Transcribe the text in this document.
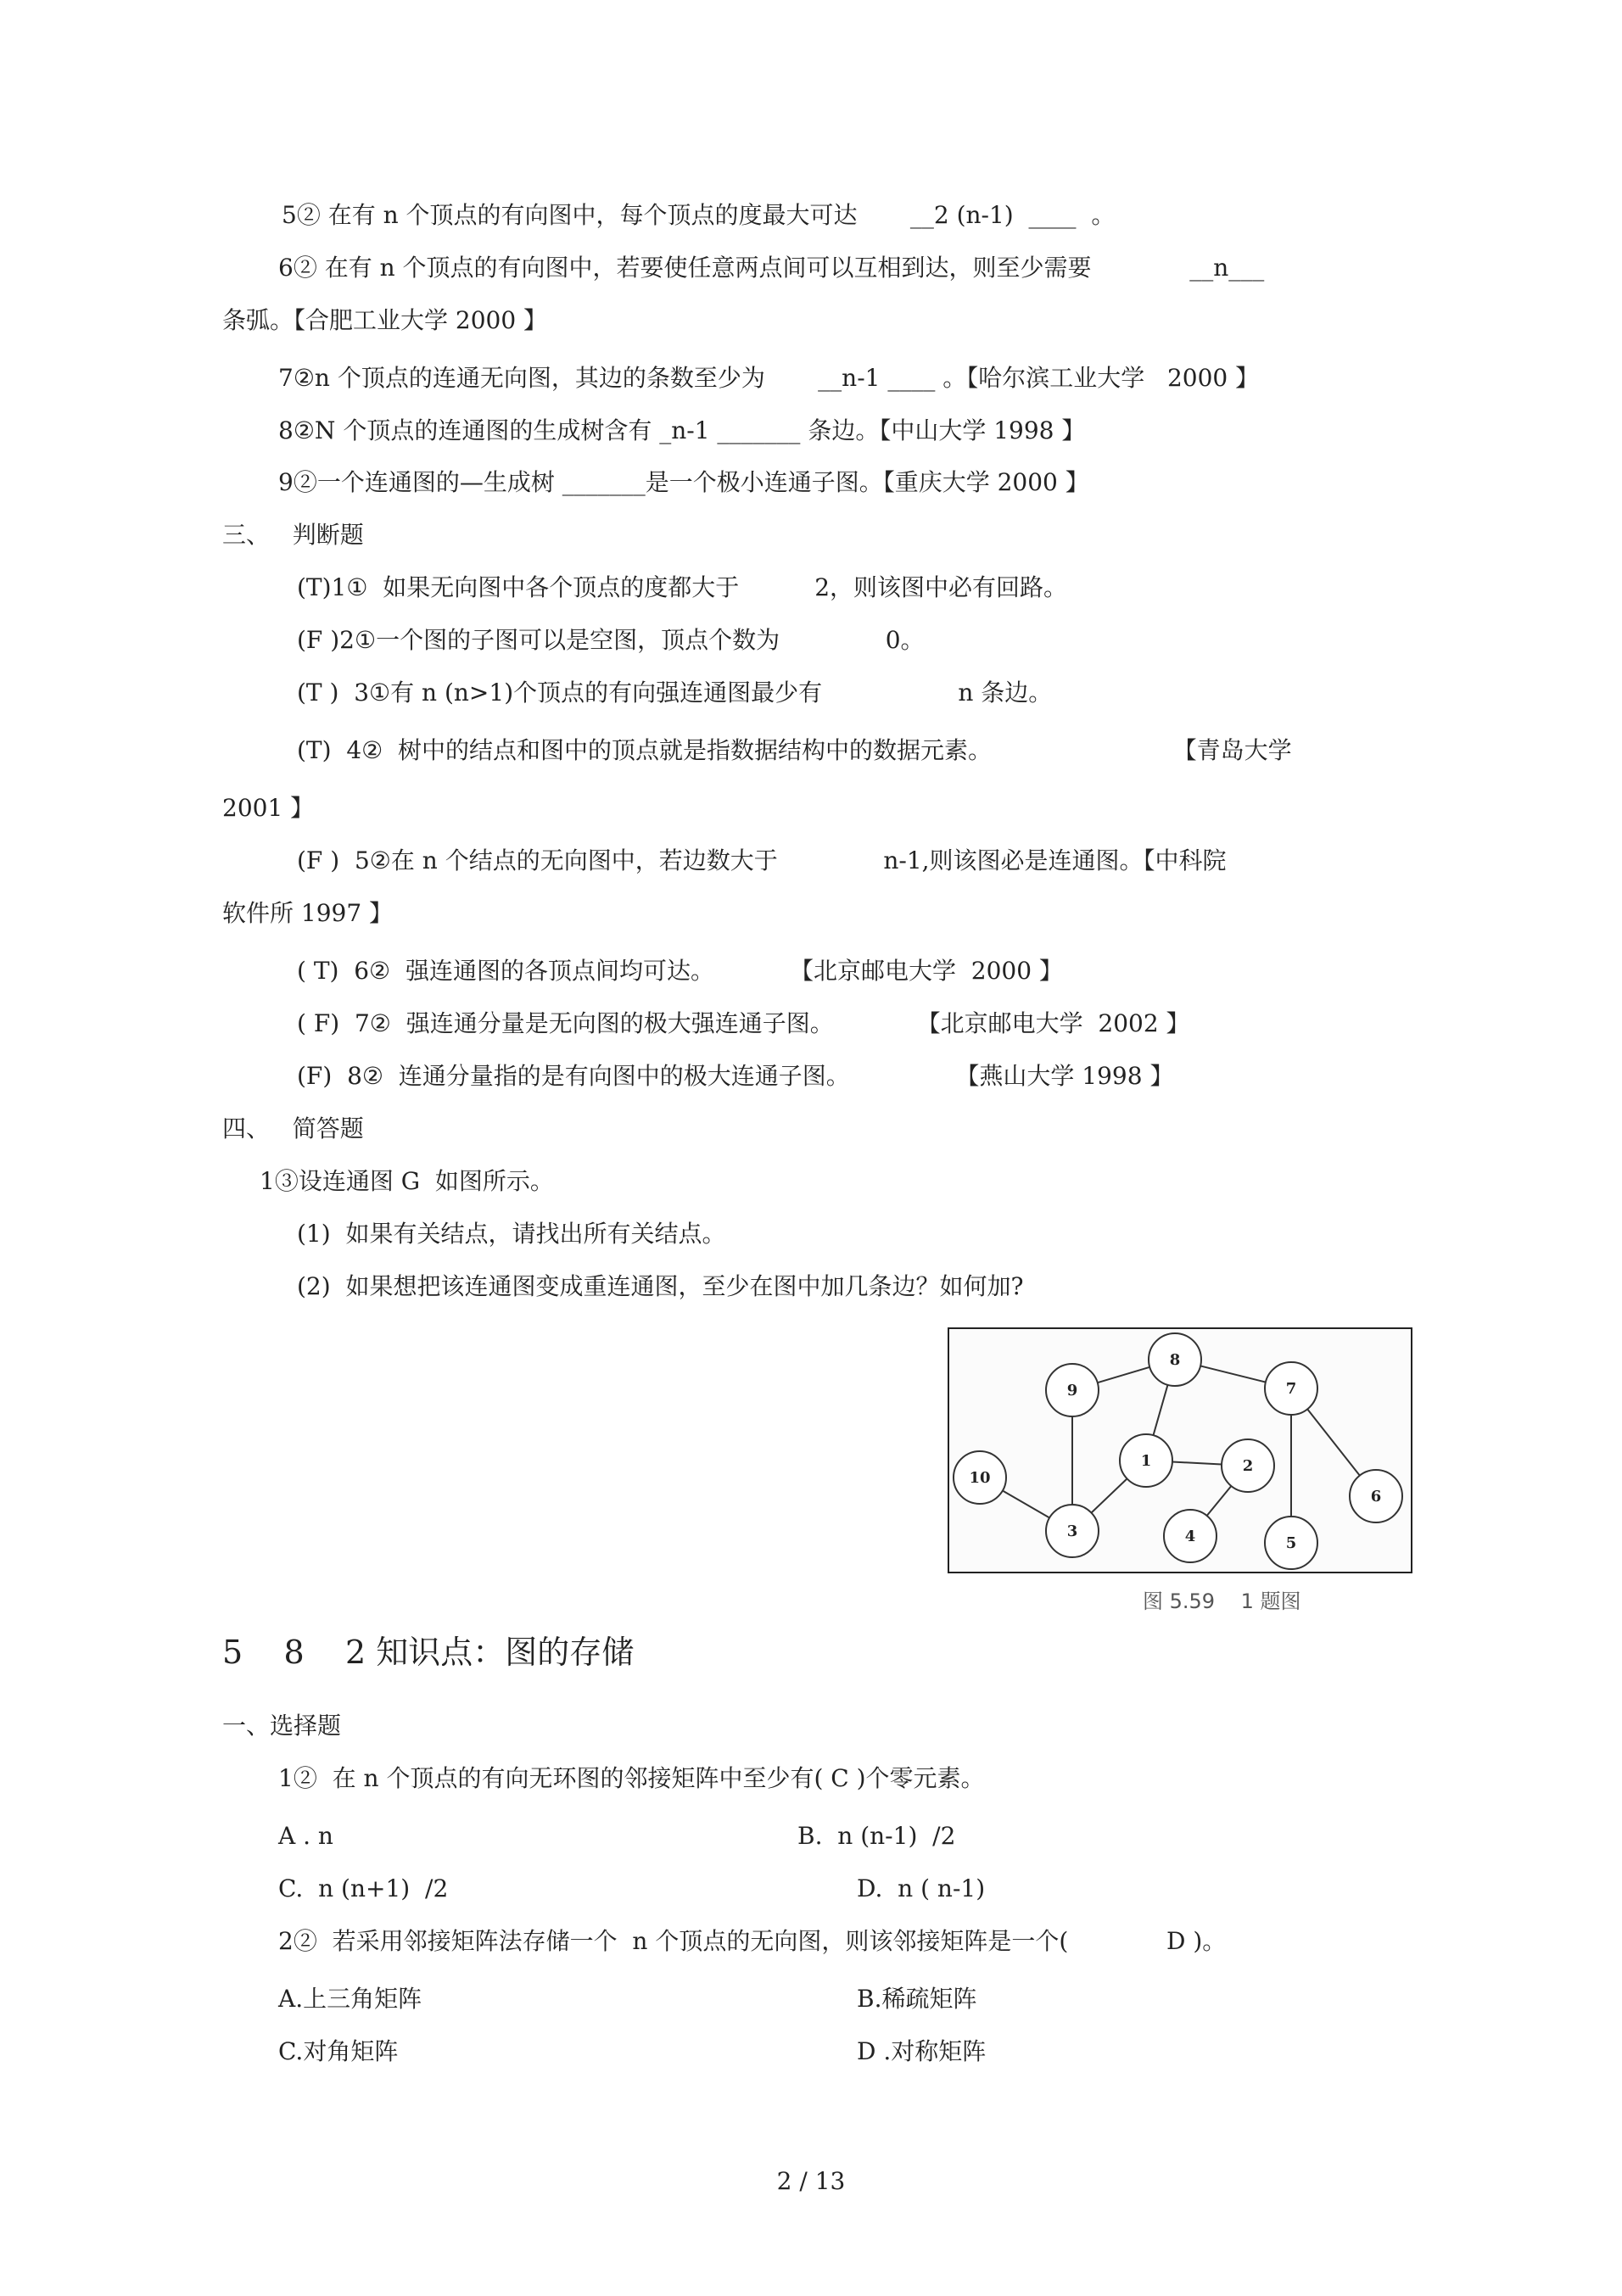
5② 在有 n 个顶点的有向图中，每个顶点的度最大可达       __2 (n-1)  ____  。
6② 在有 n 个顶点的有向图中，若要使任意两点间可以互相到达，则至少需要             __n___
条弧。【合肥工业大学 2000 】
7②n 个顶点的连通无向图，其边的条数至少为       __n-1 ____ 。【哈尔滨工业大学   2000 】
8②N 个顶点的连通图的生成树含有 _n-1 _______ 条边。【中山大学 1998 】
9②一个连通图的—生成树 _______是一个极小连通子图。【重庆大学 2000 】
三、   判断题
(T)1①  如果无向图中各个顶点的度都大于          2，则该图中必有回路。
(F )2①一个图的子图可以是空图，顶点个数为              0。
(T )  3①有 n (n>1)个顶点的有向强连通图最少有                  n 条边。
(T)  4②  树中的结点和图中的顶点就是指数据结构中的数据元素。                        【青岛大学
2001 】
(F )  5②在 n 个结点的无向图中，若边数大于              n-1,则该图必是连通图。【中科院
软件所 1997 】
( T)  6②  强连通图的各顶点间均可达。          【北京邮电大学  2000 】
( F)  7②  强连通分量是无向图的极大强连通子图。           【北京邮电大学  2002 】
(F)  8②  连通分量指的是有向图中的极大连通子图。              【燕山大学 1998 】
四、   简答题
1③设连通图 G  如图所示。
(1)  如果有关结点，请找出所有关结点。
(2)  如果想把该连通图变成重连通图，至少在图中加几条边？如何加?
1	2
3	4	5
6
7
8
9
10
图 5.59    1 题图
5    8    2 知识点：图的存储
一、选择题
1②  在 n 个顶点的有向无环图的邻接矩阵中至少有( C )个零元素。
A . n	B.  n (n-1)  /2
C.  n (n+1)  /2	D.  n ( n-1)
2②  若采用邻接矩阵法存储一个  n 个顶点的无向图，则该邻接矩阵是一个(             D )。
A.上三角矩阵	B.稀疏矩阵
C.对角矩阵	D .对称矩阵
2 / 13
